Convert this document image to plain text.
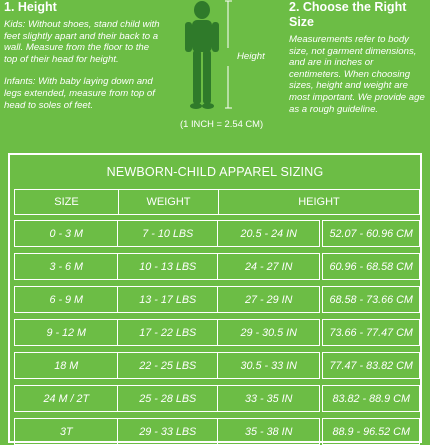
1. Height

Kids: Without shoes, stand child with feet slightly apart and their back to a wall. Measure from the floor to the top of their head for height.

Infants: With baby laying down and legs extended, measure from top of head to soles of feet.

Height
(1 INCH = 2.54 CM)

2. Choose the Right Size

Measurements refer to body size, not garment dimensions, and are in inches or centimeters. When choosing sizes, height and weight are most important. We provide age as a rough guideline.

NEWBORN-CHILD APPAREL SIZING
SIZE	WEIGHT	HEIGHT
0 - 3 M	7 - 10 LBS	20.5 - 24 IN	52.07 - 60.96 CM
3 - 6 M	10 - 13 LBS	24 - 27 IN	60.96 - 68.58 CM
6 - 9 M	13 - 17 LBS	27 - 29 IN	68.58 - 73.66 CM
9 - 12 M	17 - 22 LBS	29 - 30.5 IN	73.66 - 77.47 CM
18 M	22 - 25 LBS	30.5 - 33 IN	77.47 - 83.82 CM
24 M / 2T	25 - 28 LBS	33 - 35 IN	83.82 - 88.9 CM
3T	29 - 33 LBS	35 - 38 IN	88.9 - 96.52 CM
